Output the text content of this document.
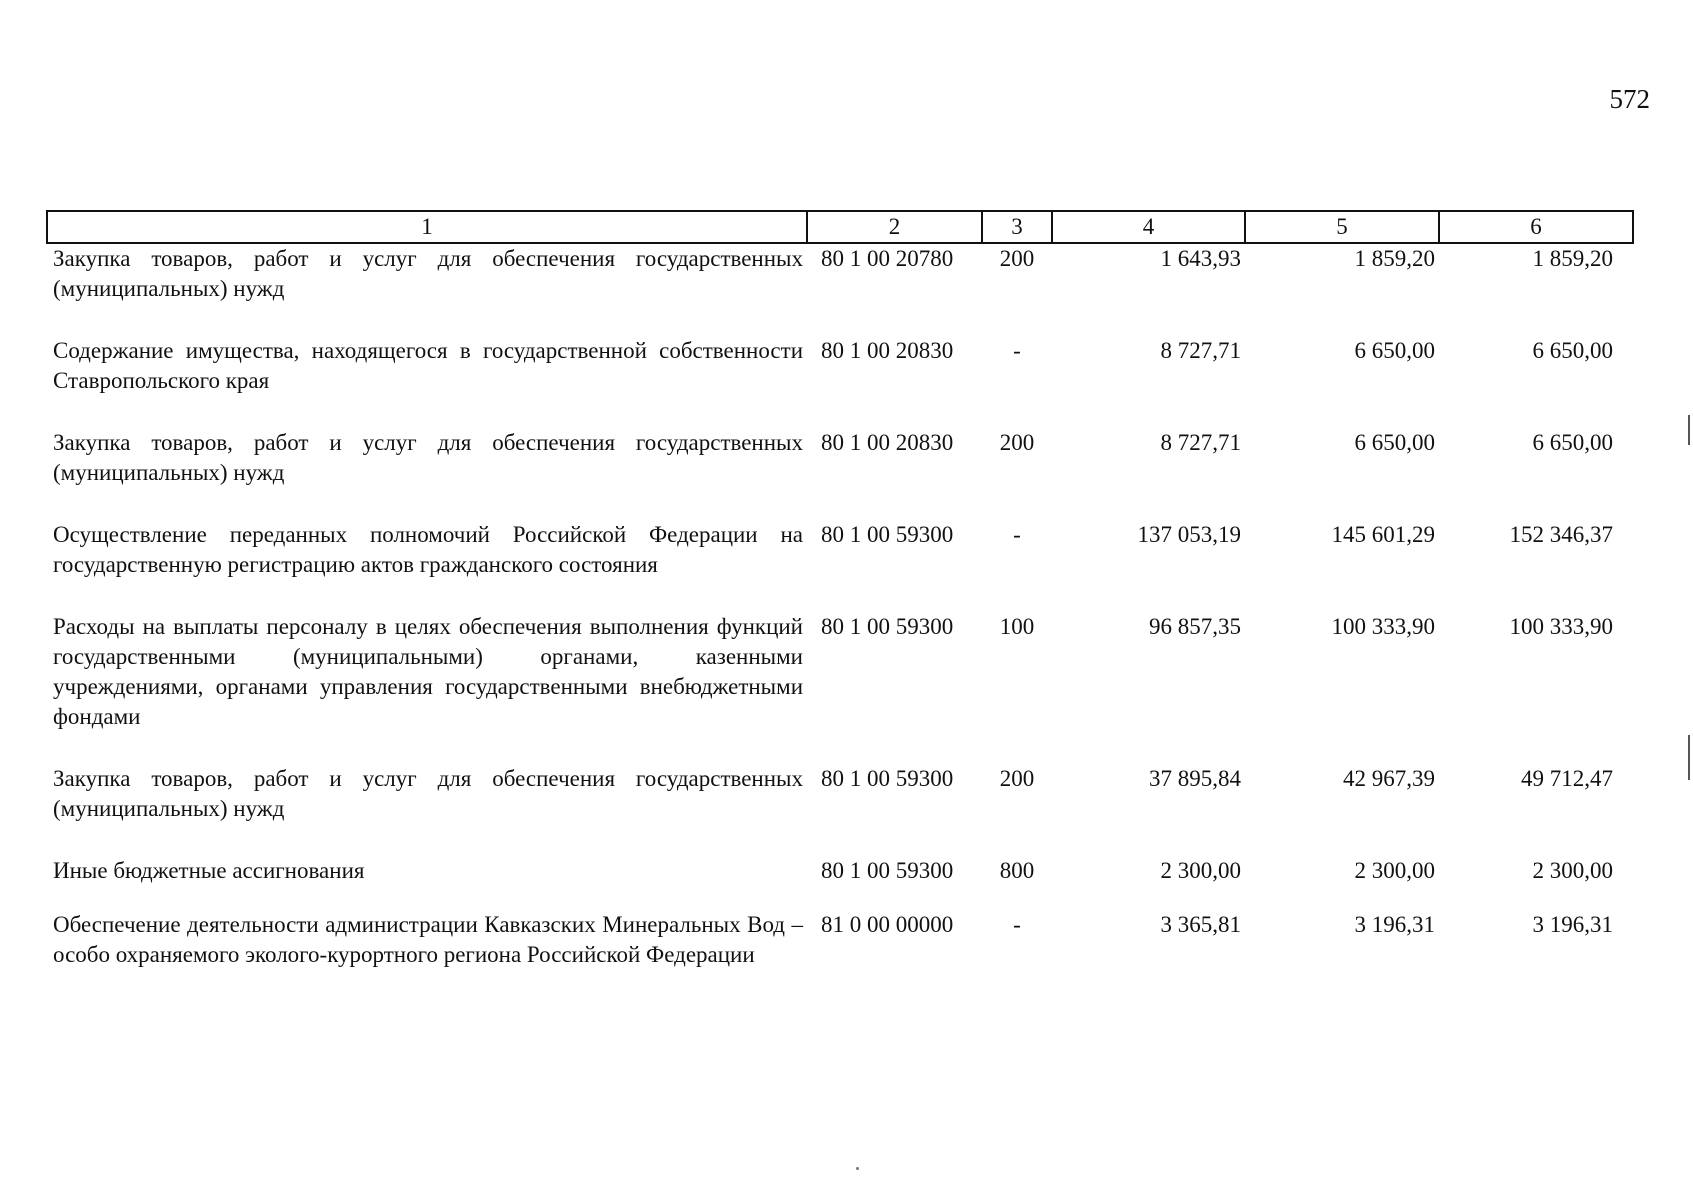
572
1	2	3	4	5	6
Закупка товаров, работ и услуг для обеспечения государственных (муниципальных) нужд	80 1 00 20780	200	1 643,93	1 859,20	1 859,20
Содержание имущества, находящегося в государственной собственности Ставропольского края	80 1 00 20830	-	8 727,71	6 650,00	6 650,00
Закупка товаров, работ и услуг для обеспечения государственных (муниципальных) нужд	80 1 00 20830	200	8 727,71	6 650,00	6 650,00
Осуществление переданных полномочий Российской Федерации на государственную регистрацию актов гражданского состояния	80 1 00 59300	-	137 053,19	145 601,29	152 346,37
Расходы на выплаты персоналу в целях обеспечения выполнения функций государственными (муниципальными) органами, казенными учреждениями, органами управления государственными внебюджетными фондами	80 1 00 59300	100	96 857,35	100 333,90	100 333,90
Закупка товаров, работ и услуг для обеспечения государственных (муниципальных) нужд	80 1 00 59300	200	37 895,84	42 967,39	49 712,47
Иные бюджетные ассигнования	80 1 00 59300	800	2 300,00	2 300,00	2 300,00
Обеспечение деятельности администрации Кавказских Минеральных Вод – особо охраняемого эколого-курортного региона Российской Федерации	81 0 00 00000	-	3 365,81	3 196,31	3 196,31
